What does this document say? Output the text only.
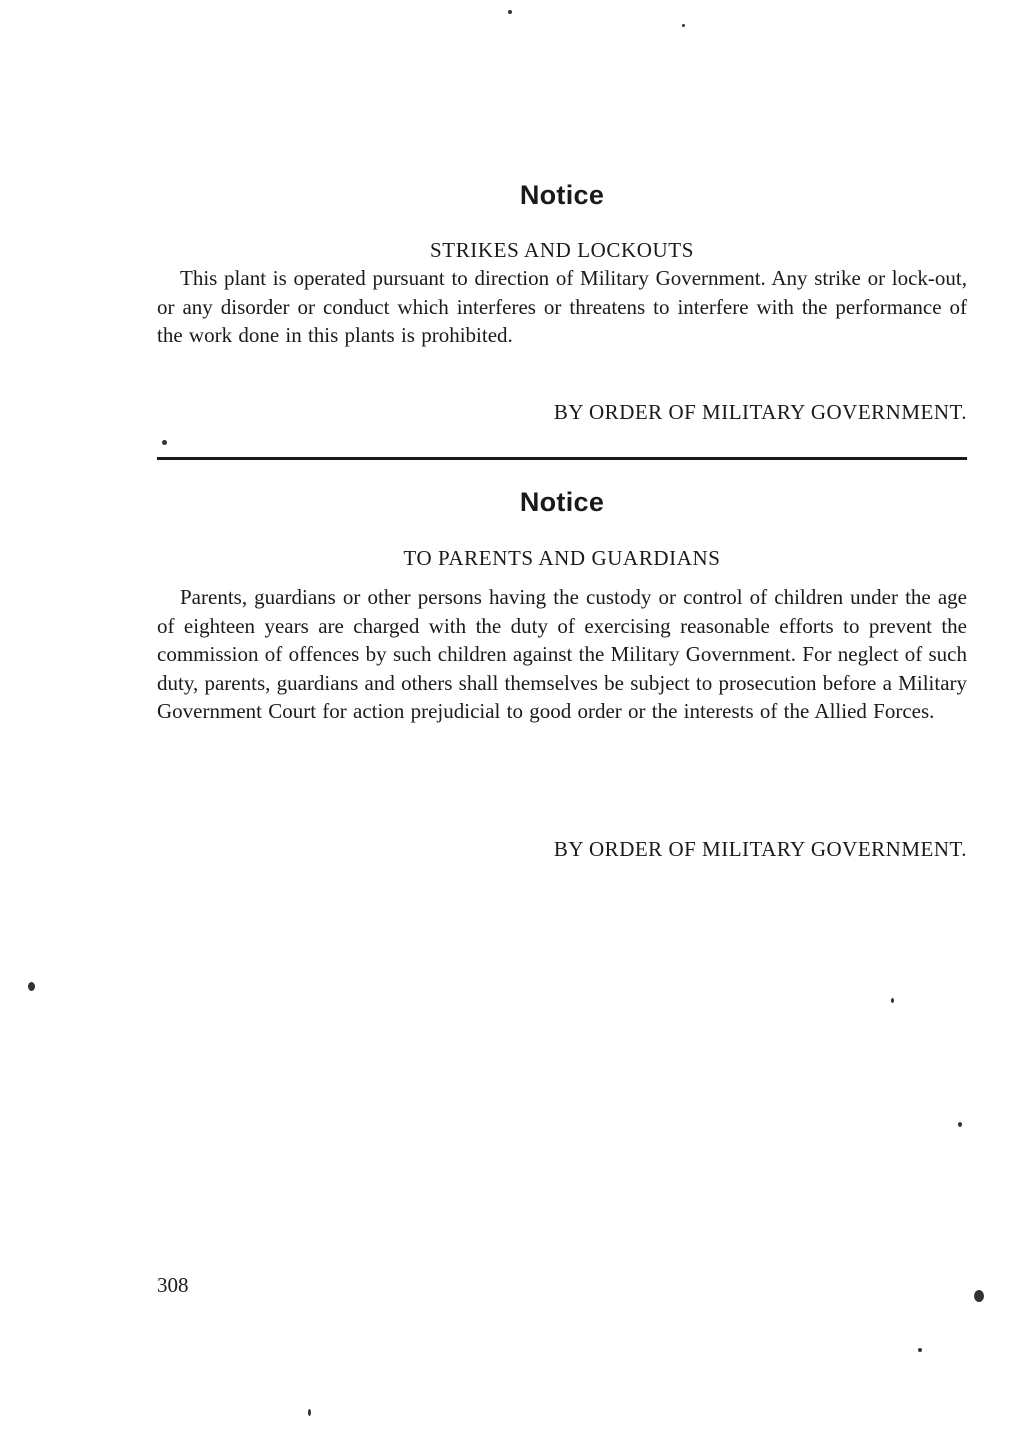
Notice
STRIKES AND LOCKOUTS

This plant is operated pursuant to direction of Military Government. Any strike or lock-out, or any disorder or conduct which interferes or threatens to interfere with the performance of the work done in this plants is prohibited.

BY ORDER OF MILITARY GOVERNMENT.
Notice
TO PARENTS AND GUARDIANS

Parents, guardians or other persons having the custody or control of children under the age of eighteen years are charged with the duty of exercising reasonable efforts to prevent the commission of offences by such children against the Military Government. For neglect of such duty, parents, guardians and others shall themselves be subject to prosecution before a Military Government Court for action prejudicial to good order or the interests of the Allied Forces.

BY ORDER OF MILITARY GOVERNMENT.
308
